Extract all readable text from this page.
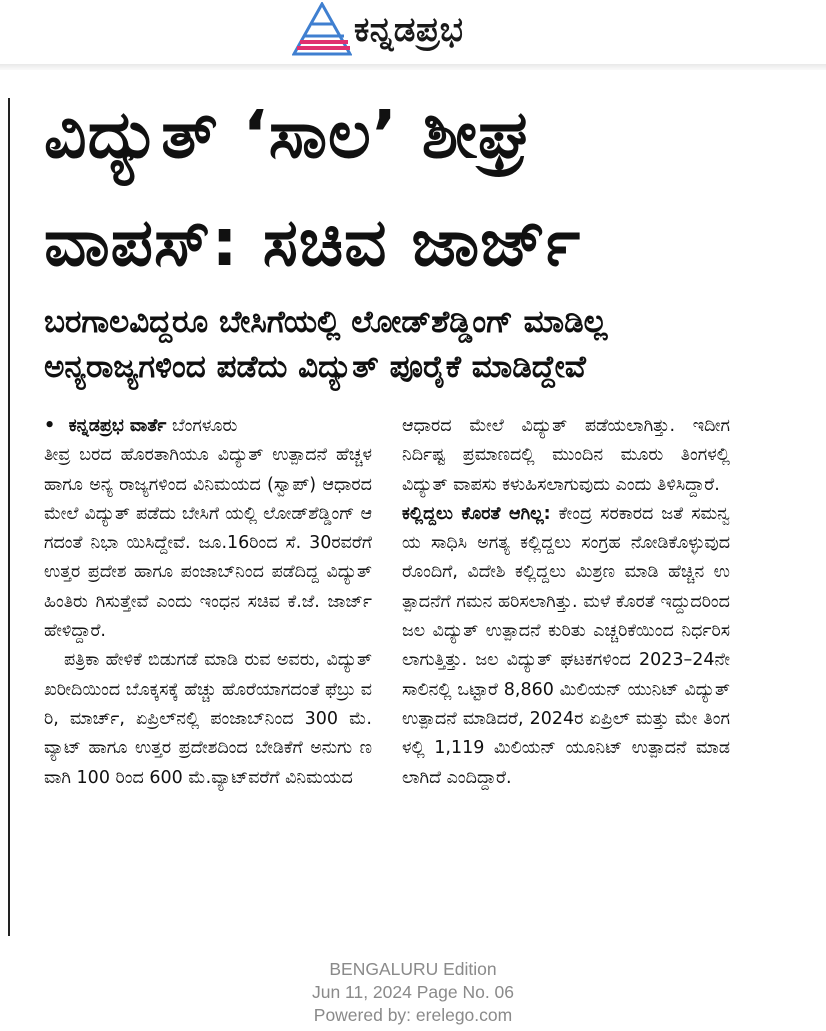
ಕನ್ನಡಪ್ರಭ
ವಿದ್ಯುತ್ ‘ಸಾಲ’ ಶೀಘ್ರ
ವಾಪಸ್: ಸಚಿವ ಜಾರ್ಜ್
ಬರಗಾಲವಿದ್ದರೂ ಬೇಸಿಗೆಯಲ್ಲಿ ಲೋಡ್‌ಶೆಡ್ಡಿಂಗ್ ಮಾಡಿಲ್ಲ
ಅನ್ಯರಾಜ್ಯಗಳಿಂದ ಪಡೆದು ವಿದ್ಯುತ್ ಪೂರೈಕೆ ಮಾಡಿದ್ದೇವೆ
• ಕನ್ನಡಪ್ರಭ ವಾರ್ತೆ ಬೆಂಗಳೂರು

ತೀವ್ರ ಬರದ ಹೊರತಾಗಿಯೂ ವಿದ್ಯುತ್ ಉತ್ಪಾದನೆ ಹೆಚ್ಚಳ ಹಾಗೂ ಅನ್ಯ ರಾಜ್ಯಗಳಿಂದ ವಿನಿಮಯದ (ಸ್ವಾಪ್) ಆಧಾರದ ಮೇಲೆ ವಿದ್ಯುತ್ ಪಡೆದು ಬೇಸಿಗೆ ಯಲ್ಲಿ ಲೋಡ್‌ಶೆಡ್ಡಿಂಗ್ ಆಗದಂತೆ ನಿಭಾ ಯಿಸಿದ್ದೇವೆ. ಜೂ.16ರಿಂದ ಸೆ. 30ರವರೆಗೆ ಉತ್ತರ ಪ್ರದೇಶ ಹಾಗೂ ಪಂಜಾಬ್‌ನಿಂದ ಪಡೆದಿದ್ದ ವಿದ್ಯುತ್ ಹಿಂತಿರು ಗಿಸುತ್ತೇವೆ ಎಂದು ಇಂಧನ ಸಚಿವ ಕೆ.ಜೆ. ಜಾರ್ಜ್ ಹೇಳಿದ್ದಾರೆ.

ಪತ್ರಿಕಾ ಹೇಳಿಕೆ ಬಿಡುಗಡೆ ಮಾಡಿ ರುವ ಅವರು, ವಿದ್ಯುತ್ ಖರೀದಿಯಿಂದ ಬೊಕ್ಕಸಕ್ಕೆ ಹೆಚ್ಚು ಹೊರೆಯಾಗದಂತೆ ಫೆಬ್ರು ವರಿ, ಮಾರ್ಚ್, ಏಪ್ರಿಲ್‌ನಲ್ಲಿ ಪಂಜಾಬ್‌ನಿಂದ 300 ಮೆ.ವ್ಯಾಟ್ ಹಾಗೂ ಉತ್ತರ ಪ್ರದೇಶದಿಂದ ಬೇಡಿಕೆಗೆ ಅನುಗು ಣವಾಗಿ 100 ರಿಂದ 600 ಮೆ.ವ್ಯಾಟ್‌ವರೆಗೆ ವಿನಿಮಯದ

ಆಧಾರದ ಮೇಲೆ ವಿದ್ಯುತ್ ಪಡೆಯಲಾಗಿತ್ತು. ಇದೀಗ ನಿರ್ದಿಷ್ಟ ಪ್ರಮಾಣದಲ್ಲಿ ಮುಂದಿನ ಮೂರು ತಿಂಗಳಲ್ಲಿ ವಿದ್ಯುತ್ ವಾಪಸು ಕಳುಹಿಸಲಾಗುವುದು ಎಂದು ತಿಳಿಸಿದ್ದಾರೆ.

ಕಲ್ಲಿದ್ದಲು ಕೊರತೆ ಆಗಿಲ್ಲ: ಕೇಂದ್ರ ಸರಕಾರದ ಜತೆ ಸಮನ್ವಯ ಸಾಧಿಸಿ ಅಗತ್ಯ ಕಲ್ಲಿದ್ದಲು ಸಂಗ್ರಹ ನೋಡಿಕೊಳ್ಳುವುದರೊಂದಿಗೆ, ವಿದೇಶಿ ಕಲ್ಲಿದ್ದಲು ಮಿಶ್ರಣ ಮಾಡಿ ಹೆಚ್ಚಿನ ಉತ್ಪಾದನೆಗೆ ಗಮನ ಹರಿಸಲಾಗಿತ್ತು. ಮಳೆ ಕೊರತೆ ಇದ್ದುದರಿಂದ ಜಲ ವಿದ್ಯುತ್ ಉತ್ಪಾದನೆ ಕುರಿತು ಎಚ್ಚರಿಕೆಯಿಂದ ನಿರ್ಧರಿಸಲಾಗುತ್ತಿತ್ತು. ಜಲ ವಿದ್ಯುತ್ ಘಟಕಗಳಿಂದ 2023–24ನೇ ಸಾಲಿನಲ್ಲಿ ಒಟ್ಟಾರೆ 8,860 ಮಿಲಿಯನ್ ಯುನಿಟ್ ವಿದ್ಯುತ್ ಉತ್ಪಾದನೆ ಮಾಡಿದರೆ, 2024ರ ಏಪ್ರಿಲ್ ಮತ್ತು ಮೇ ತಿಂಗಳಲ್ಲಿ 1,119 ಮಿಲಿಯನ್ ಯೂನಿಟ್ ಉತ್ಪಾದನೆ ಮಾಡಲಾಗಿದೆ ಎಂದಿದ್ದಾರೆ.

BENGALURU Edition
Jun 11, 2024 Page No. 06
Powered by: erelego.com
